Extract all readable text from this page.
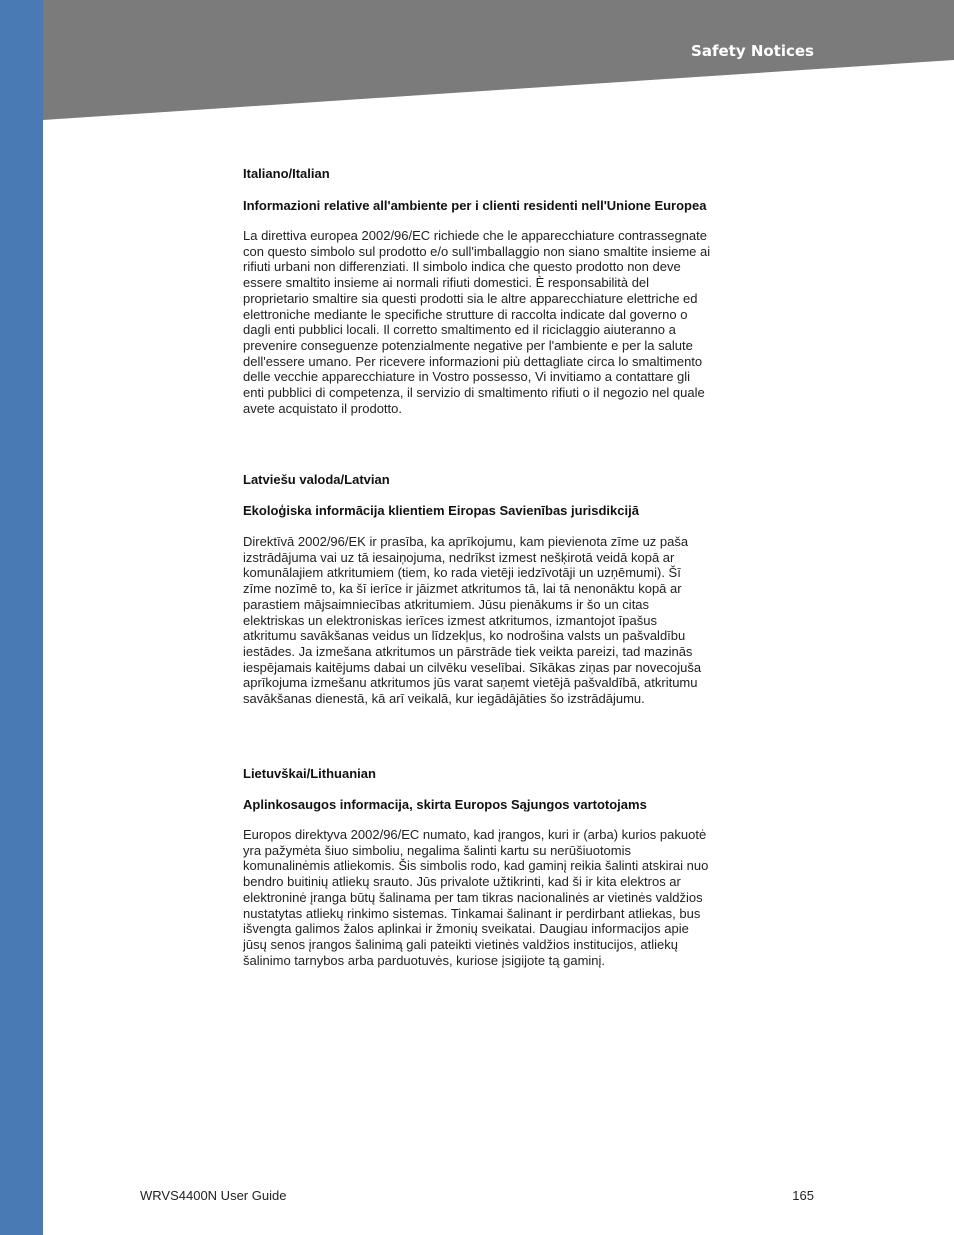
Safety Notices
Italiano/Italian
Informazioni relative all'ambiente per i clienti residenti nell'Unione Europea

La direttiva europea 2002/96/EC richiede che le apparecchiature contrassegnate
con questo simbolo sul prodotto e/o sull'imballaggio non siano smaltite insieme ai
rifiuti urbani non differenziati. Il simbolo indica che questo prodotto non deve
essere smaltito insieme ai normali rifiuti domestici. È responsabilità del
proprietario smaltire sia questi prodotti sia le altre apparecchiature elettriche ed
elettroniche mediante le specifiche strutture di raccolta indicate dal governo o
dagli enti pubblici locali. Il corretto smaltimento ed il riciclaggio aiuteranno a
prevenire conseguenze potenzialmente negative per l'ambiente e per la salute
dell'essere umano. Per ricevere informazioni più dettagliate circa lo smaltimento
delle vecchie apparecchiature in Vostro possesso, Vi invitiamo a contattare gli
enti pubblici di competenza, il servizio di smaltimento rifiuti o il negozio nel quale
avete acquistato il prodotto.

Latviešu valoda/Latvian
Ekoloģiska informācija klientiem Eiropas Savienības jurisdikcijā

Direktīvā 2002/96/EK ir prasība, ka aprīkojumu, kam pievienota zīme uz paša
izstrādājuma vai uz tā iesaiņojuma, nedrīkst izmest nešķirotā veidā kopā ar
komunālajiem atkritumiem (tiem, ko rada vietēji iedzīvotāji un uzņēmumi). Šī
zīme nozīmē to, ka šī ierīce ir jāizmet atkritumos tā, lai tā nenonāktu kopā ar
parastiem mājsaimniecības atkritumiem. Jūsu pienākums ir šo un citas
elektriskas un elektroniskas ierīces izmest atkritumos, izmantojot īpašus
atkritumu savākšanas veidus un līdzekļus, ko nodrošina valsts un pašvaldību
iestādes. Ja izmešana atkritumos un pārstrāde tiek veikta pareizi, tad mazinās
iespējamais kaitējums dabai un cilvēku veselībai. Sīkākas ziņas par novecojuša
aprīkojuma izmešanu atkritumos jūs varat saņemt vietējā pašvaldībā, atkritumu
savākšanas dienestā, kā arī veikalā, kur iegādājāties šo izstrādājumu.

Lietuvškai/Lithuanian
Aplinkosaugos informacija, skirta Europos Sąjungos vartotojams

Europos direktyva 2002/96/EC numato, kad įrangos, kuri ir (arba) kurios pakuotė
yra pažymėta šiuo simboliu, negalima šalinti kartu su nerūšiuotomis
komunalinėmis atliekomis. Šis simbolis rodo, kad gaminį reikia šalinti atskirai nuo
bendro buitinių atliekų srauto. Jūs privalote užtikrinti, kad ši ir kita elektros ar
elektroninė įranga būtų šalinama per tam tikras nacionalinės ar vietinės valdžios
nustatytas atliekų rinkimo sistemas. Tinkamai šalinant ir perdirbant atliekas, bus
išvengta galimos žalos aplinkai ir žmonių sveikatai. Daugiau informacijos apie
jūsų senos įrangos šalinimą gali pateikti vietinės valdžios institucijos, atliekų
šalinimo tarnybos arba parduotuvės, kuriose įsigijote tą gaminį.

WRVS4400N User Guide	165
